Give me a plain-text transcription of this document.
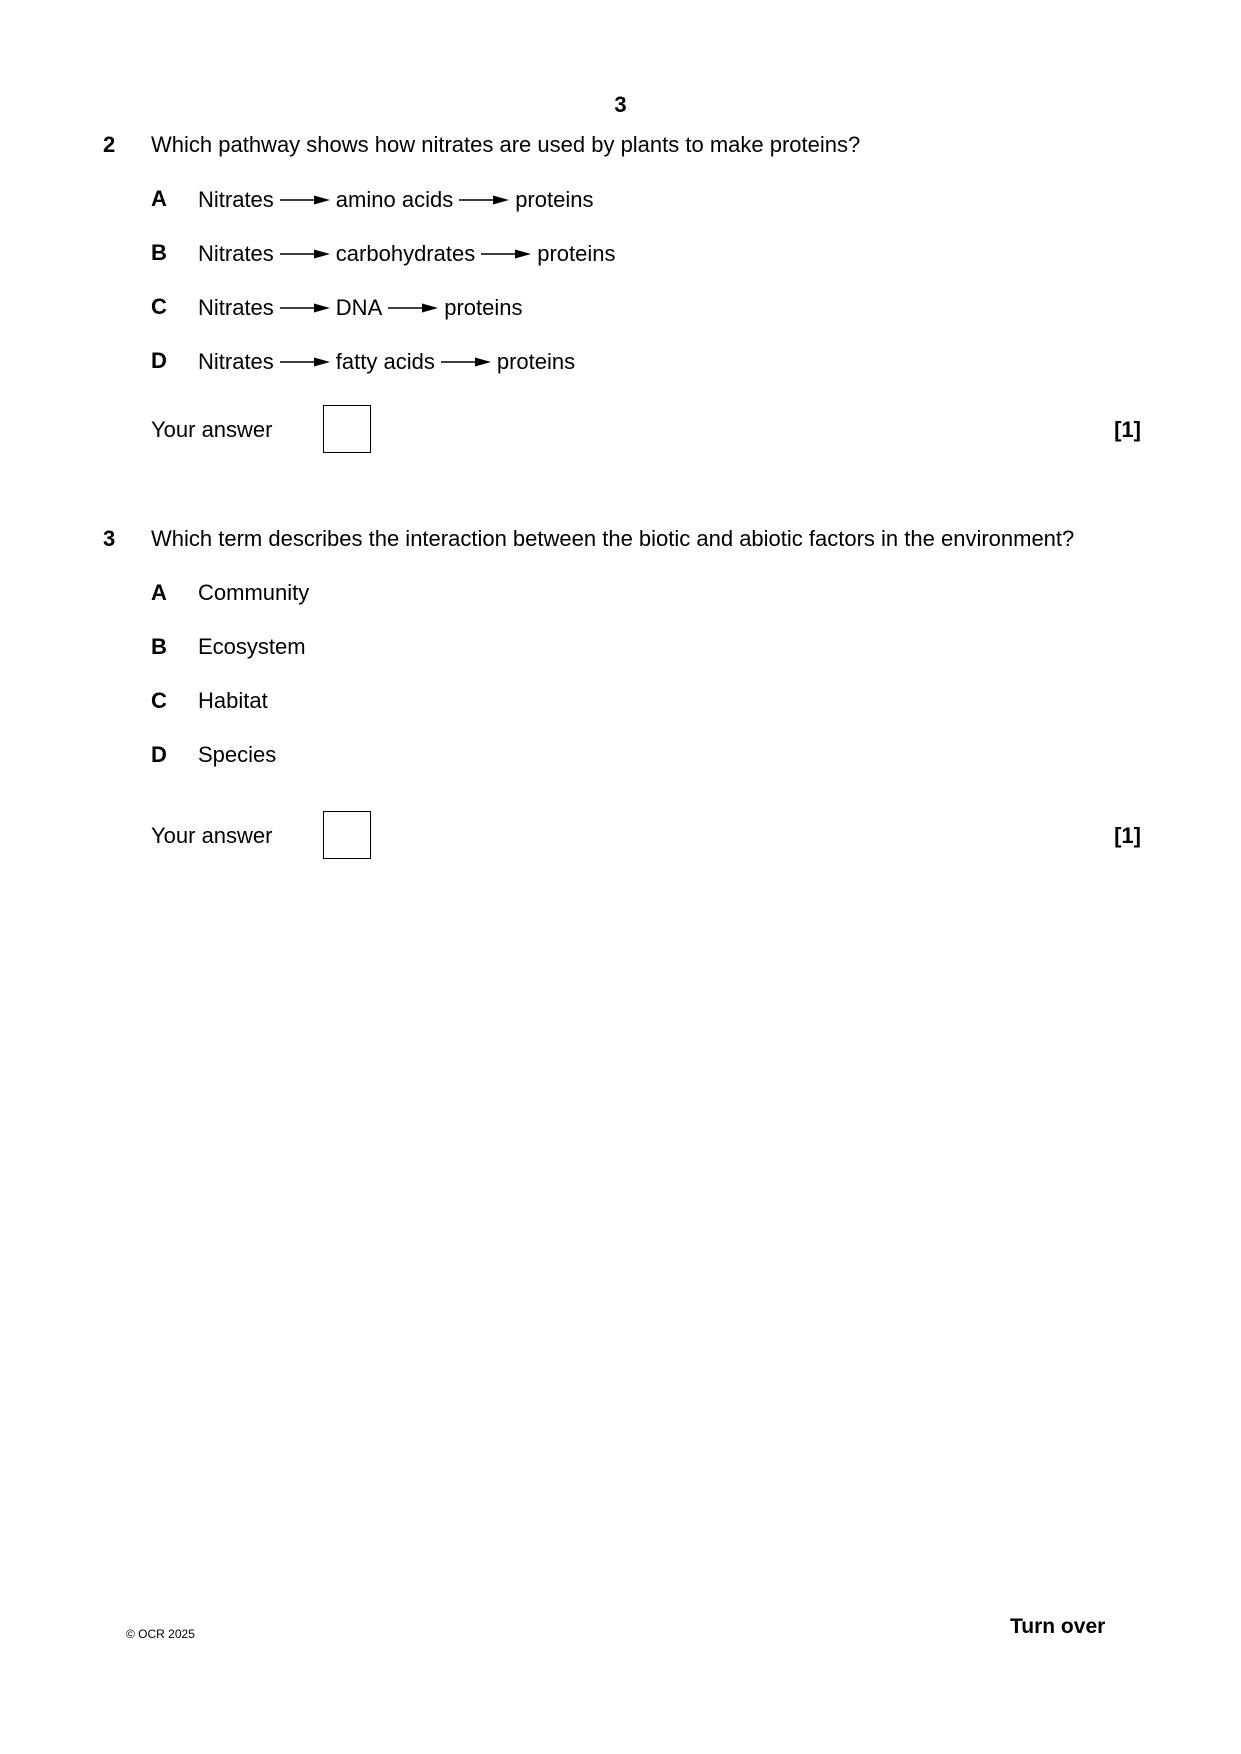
3
2 Which pathway shows how nitrates are used by plants to make proteins?
A Nitrates	amino acids	proteins
B Nitrates	carbohydrates	proteins
C Nitrates	DNA	proteins
D Nitrates	fatty acids	proteins
Your answer	[1]
3 Which term describes the interaction between the biotic and abiotic factors in the environment?
A Community
B Ecosystem
C Habitat
D Species
Your answer	[1]
© OCR 2025	Turn over
